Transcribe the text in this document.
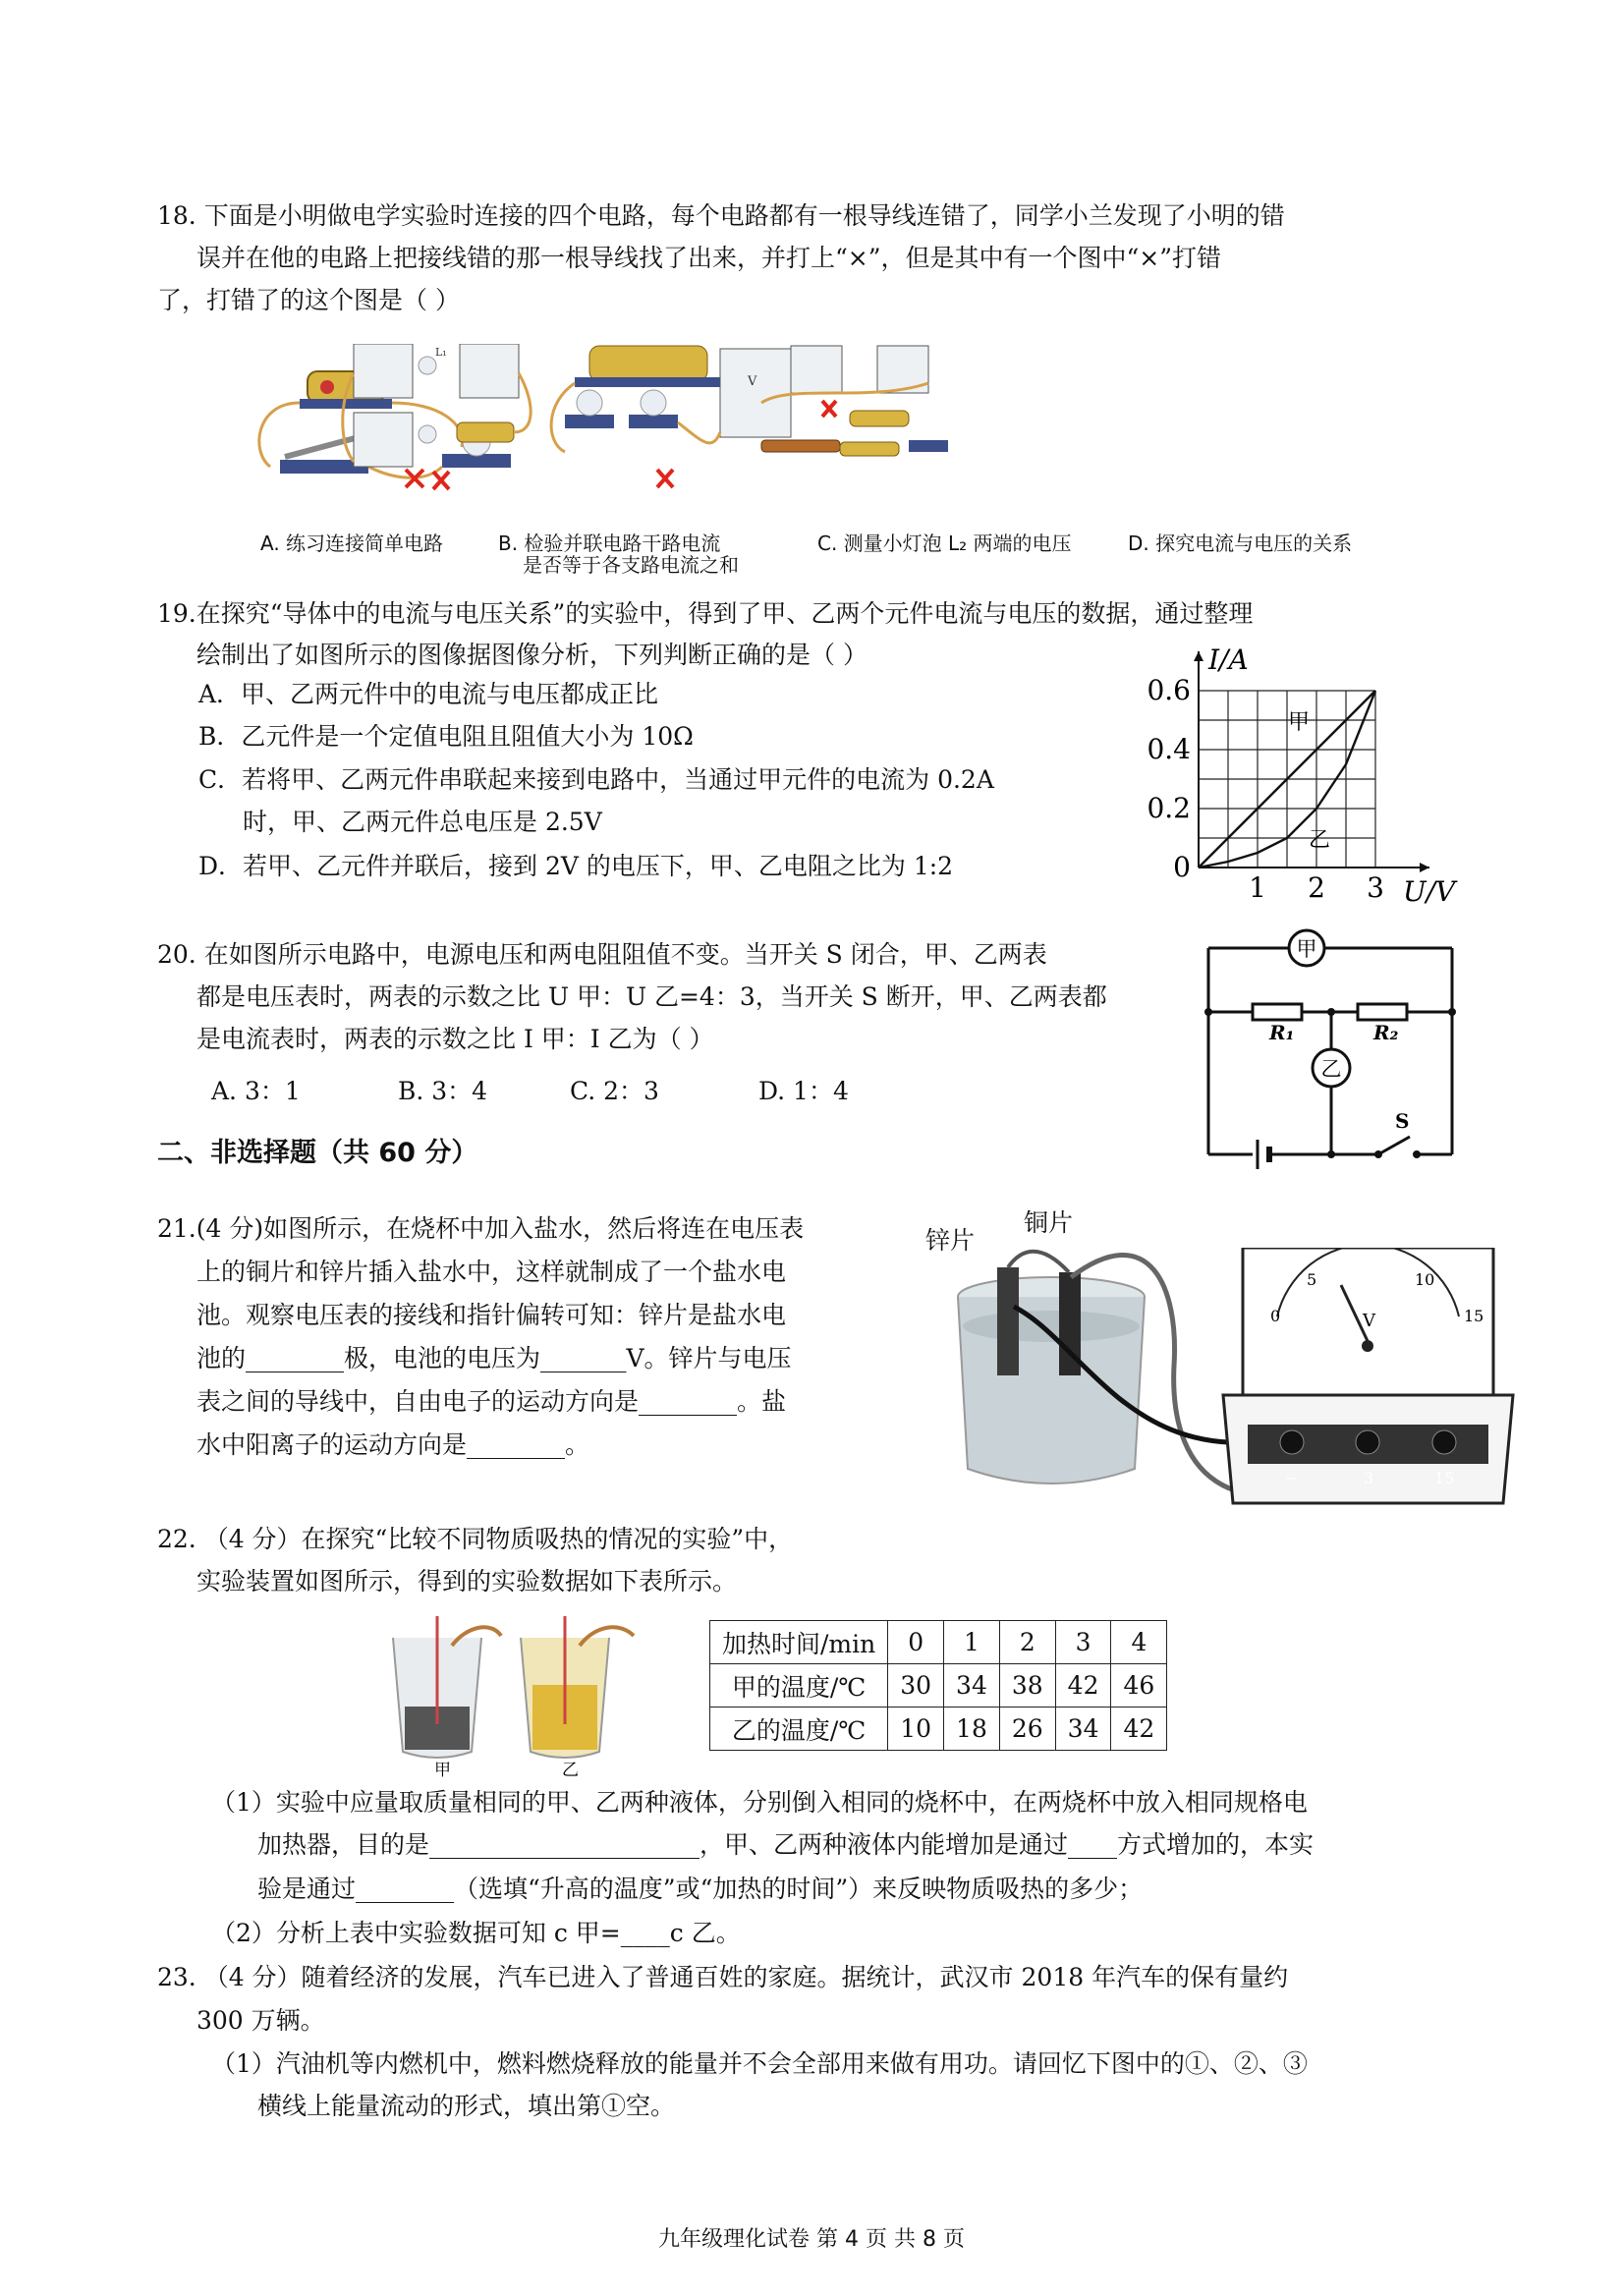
18. 下面是小明做电学实验时连接的四个电路，每个电路都有一根导线连错了，同学小兰发现了小明的错
误并在他的电路上把接线错的那一根导线找了出来，并打上“×”，但是其中有一个图中“×”打错
了，打错了的这个图是（ ）
L₁
V
A. 练习连接简单电路	B. 检验并联电路干路电流
是否等于各支路电流之和
C. 测量小灯泡 L₂ 两端的电压	D. 探究电流与电压的关系
19.在探究“导体中的电流与电压关系”的实验中，得到了甲、乙两个元件电流与电压的数据，通过整理
绘制出了如图所示的图像据图像分析，下列判断正确的是（ ）
A．甲、乙两元件中的电流与电压都成正比
B．乙元件是一个定值电阻且阻值大小为 10Ω
C．若将甲、乙两元件串联起来接到电路中，当通过甲元件的电流为 0.2A
时，甲、乙两元件总电压是 2.5V
D．若甲、乙元件并联后，接到 2V 的电压下，甲、乙电阻之比为 1:2
1 2 3
0.2
0.4
0.6
0
U/V
I/A
甲
乙
20. 在如图所示电路中，电源电压和两电阻阻值不变。当开关 S 闭合，甲、乙两表
都是电压表时，两表的示数之比 U 甲：U 乙=4：3，当开关 S 断开，甲、乙两表都
是电流表时，两表的示数之比 I 甲：I 乙为（ ）
A. 3：1	B. 3：4	C. 2：3	D. 1：4
甲
乙
R₁	R₂
S
二、非选择题（共 60 分）
21.(4 分)如图所示，在烧杯中加入盐水，然后将连在电压表
上的铜片和锌片插入盐水中，这样就制成了一个盐水电
池。观察电压表的接线和指针偏转可知：锌片是盐水电
池的________极，电池的电压为_______V。锌片与电压
表之间的导线中，自由电子的运动方向是________。盐
水中阳离子的运动方向是________。
锌片
铜片
0
5	10
15
V
−	3	15
22. （4 分）在探究“比较不同物质吸热的情况的实验”中，
实验装置如图所示，得到的实验数据如下表所示。
甲	乙
加热时间/min	0	1	2	3	4
甲的温度/℃	30	34	38	42	46
乙的温度/℃	10	18	26	34	42
（1）实验中应量取质量相同的甲、乙两种液体，分别倒入相同的烧杯中，在两烧杯中放入相同规格电
加热器，目的是______________________，甲、乙两种液体内能增加是通过____方式增加的，本实
验是通过________（选填“升高的温度”或“加热的时间”）来反映物质吸热的多少；
（2）分析上表中实验数据可知 c 甲=____c 乙。
23. （4 分）随着经济的发展，汽车已进入了普通百姓的家庭。据统计，武汉市 2018 年汽车的保有量约
300 万辆。
（1）汽油机等内燃机中，燃料燃烧释放的能量并不会全部用来做有用功。请回忆下图中的①、②、③
横线上能量流动的形式，填出第①空。
九年级理化试卷 第 4 页 共 8 页
